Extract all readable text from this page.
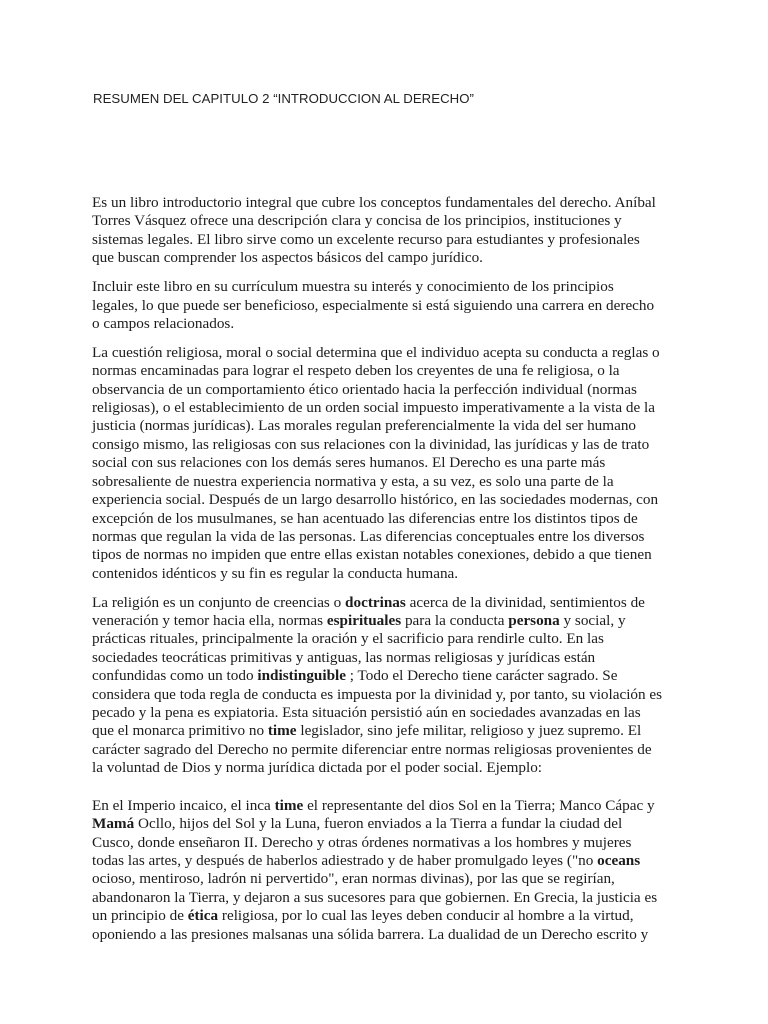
RESUMEN DEL CAPITULO 2 “INTRODUCCION AL DERECHO”

Es un libro introductorio integral que cubre los conceptos fundamentales del derecho. Aníbal
Torres Vásquez ofrece una descripción clara y concisa de los principios, instituciones y
sistemas legales. El libro sirve como un excelente recurso para estudiantes y profesionales
que buscan comprender los aspectos básicos del campo jurídico.

Incluir este libro en su currículum muestra su interés y conocimiento de los principios
legales, lo que puede ser beneficioso, especialmente si está siguiendo una carrera en derecho
o campos relacionados.

La cuestión religiosa, moral o social determina que el individuo acepta su conducta a reglas o
normas encaminadas para lograr el respeto deben los creyentes de una fe religiosa, o la
observancia de un comportamiento ético orientado hacia la perfección individual (normas
religiosas), o el establecimiento de un orden social impuesto imperativamente a la vista de la
justicia (normas jurídicas). Las morales regulan preferencialmente la vida del ser humano
consigo mismo, las religiosas con sus relaciones con la divinidad, las jurídicas y las de trato
social con sus relaciones con los demás seres humanos. El Derecho es una parte más
sobresaliente de nuestra experiencia normativa y esta, a su vez, es solo una parte de la
experiencia social. Después de un largo desarrollo histórico, en las sociedades modernas, con
excepción de los musulmanes, se han acentuado las diferencias entre los distintos tipos de
normas que regulan la vida de las personas. Las diferencias conceptuales entre los diversos
tipos de normas no impiden que entre ellas existan notables conexiones, debido a que tienen
contenidos idénticos y su fin es regular la conducta humana.

La religión es un conjunto de creencias o doctrinas acerca de la divinidad, sentimientos de
veneración y temor hacia ella, normas espirituales para la conducta persona y social, y
prácticas rituales, principalmente la oración y el sacrificio para rendirle culto. En las
sociedades teocráticas primitivas y antiguas, las normas religiosas y jurídicas están
confundidas como un todo indistinguible ; Todo el Derecho tiene carácter sagrado. Se
considera que toda regla de conducta es impuesta por la divinidad y, por tanto, su violación es
pecado y la pena es expiatoria. Esta situación persistió aún en sociedades avanzadas en las
que el monarca primitivo no time legislador, sino jefe militar, religioso y juez supremo. El
carácter sagrado del Derecho no permite diferenciar entre normas religiosas provenientes de
la voluntad de Dios y norma jurídica dictada por el poder social. Ejemplo:

En el Imperio incaico, el inca time el representante del dios Sol en la Tierra; Manco Cápac y
Mamá Ocllo, hijos del Sol y la Luna, fueron enviados a la Tierra a fundar la ciudad del
Cusco, donde enseñaron II. Derecho y otras órdenes normativas a los hombres y mujeres
todas las artes, y después de haberlos adiestrado y de haber promulgado leyes ("no oceans
ocioso, mentiroso, ladrón ni pervertido", eran normas divinas), por las que se regirían,
abandonaron la Tierra, y dejaron a sus sucesores para que gobiernen. En Grecia, la justicia es
un principio de ética religiosa, por lo cual las leyes deben conducir al hombre a la virtud,
oponiendo a las presiones malsanas una sólida barrera. La dualidad de un Derecho escrito y
